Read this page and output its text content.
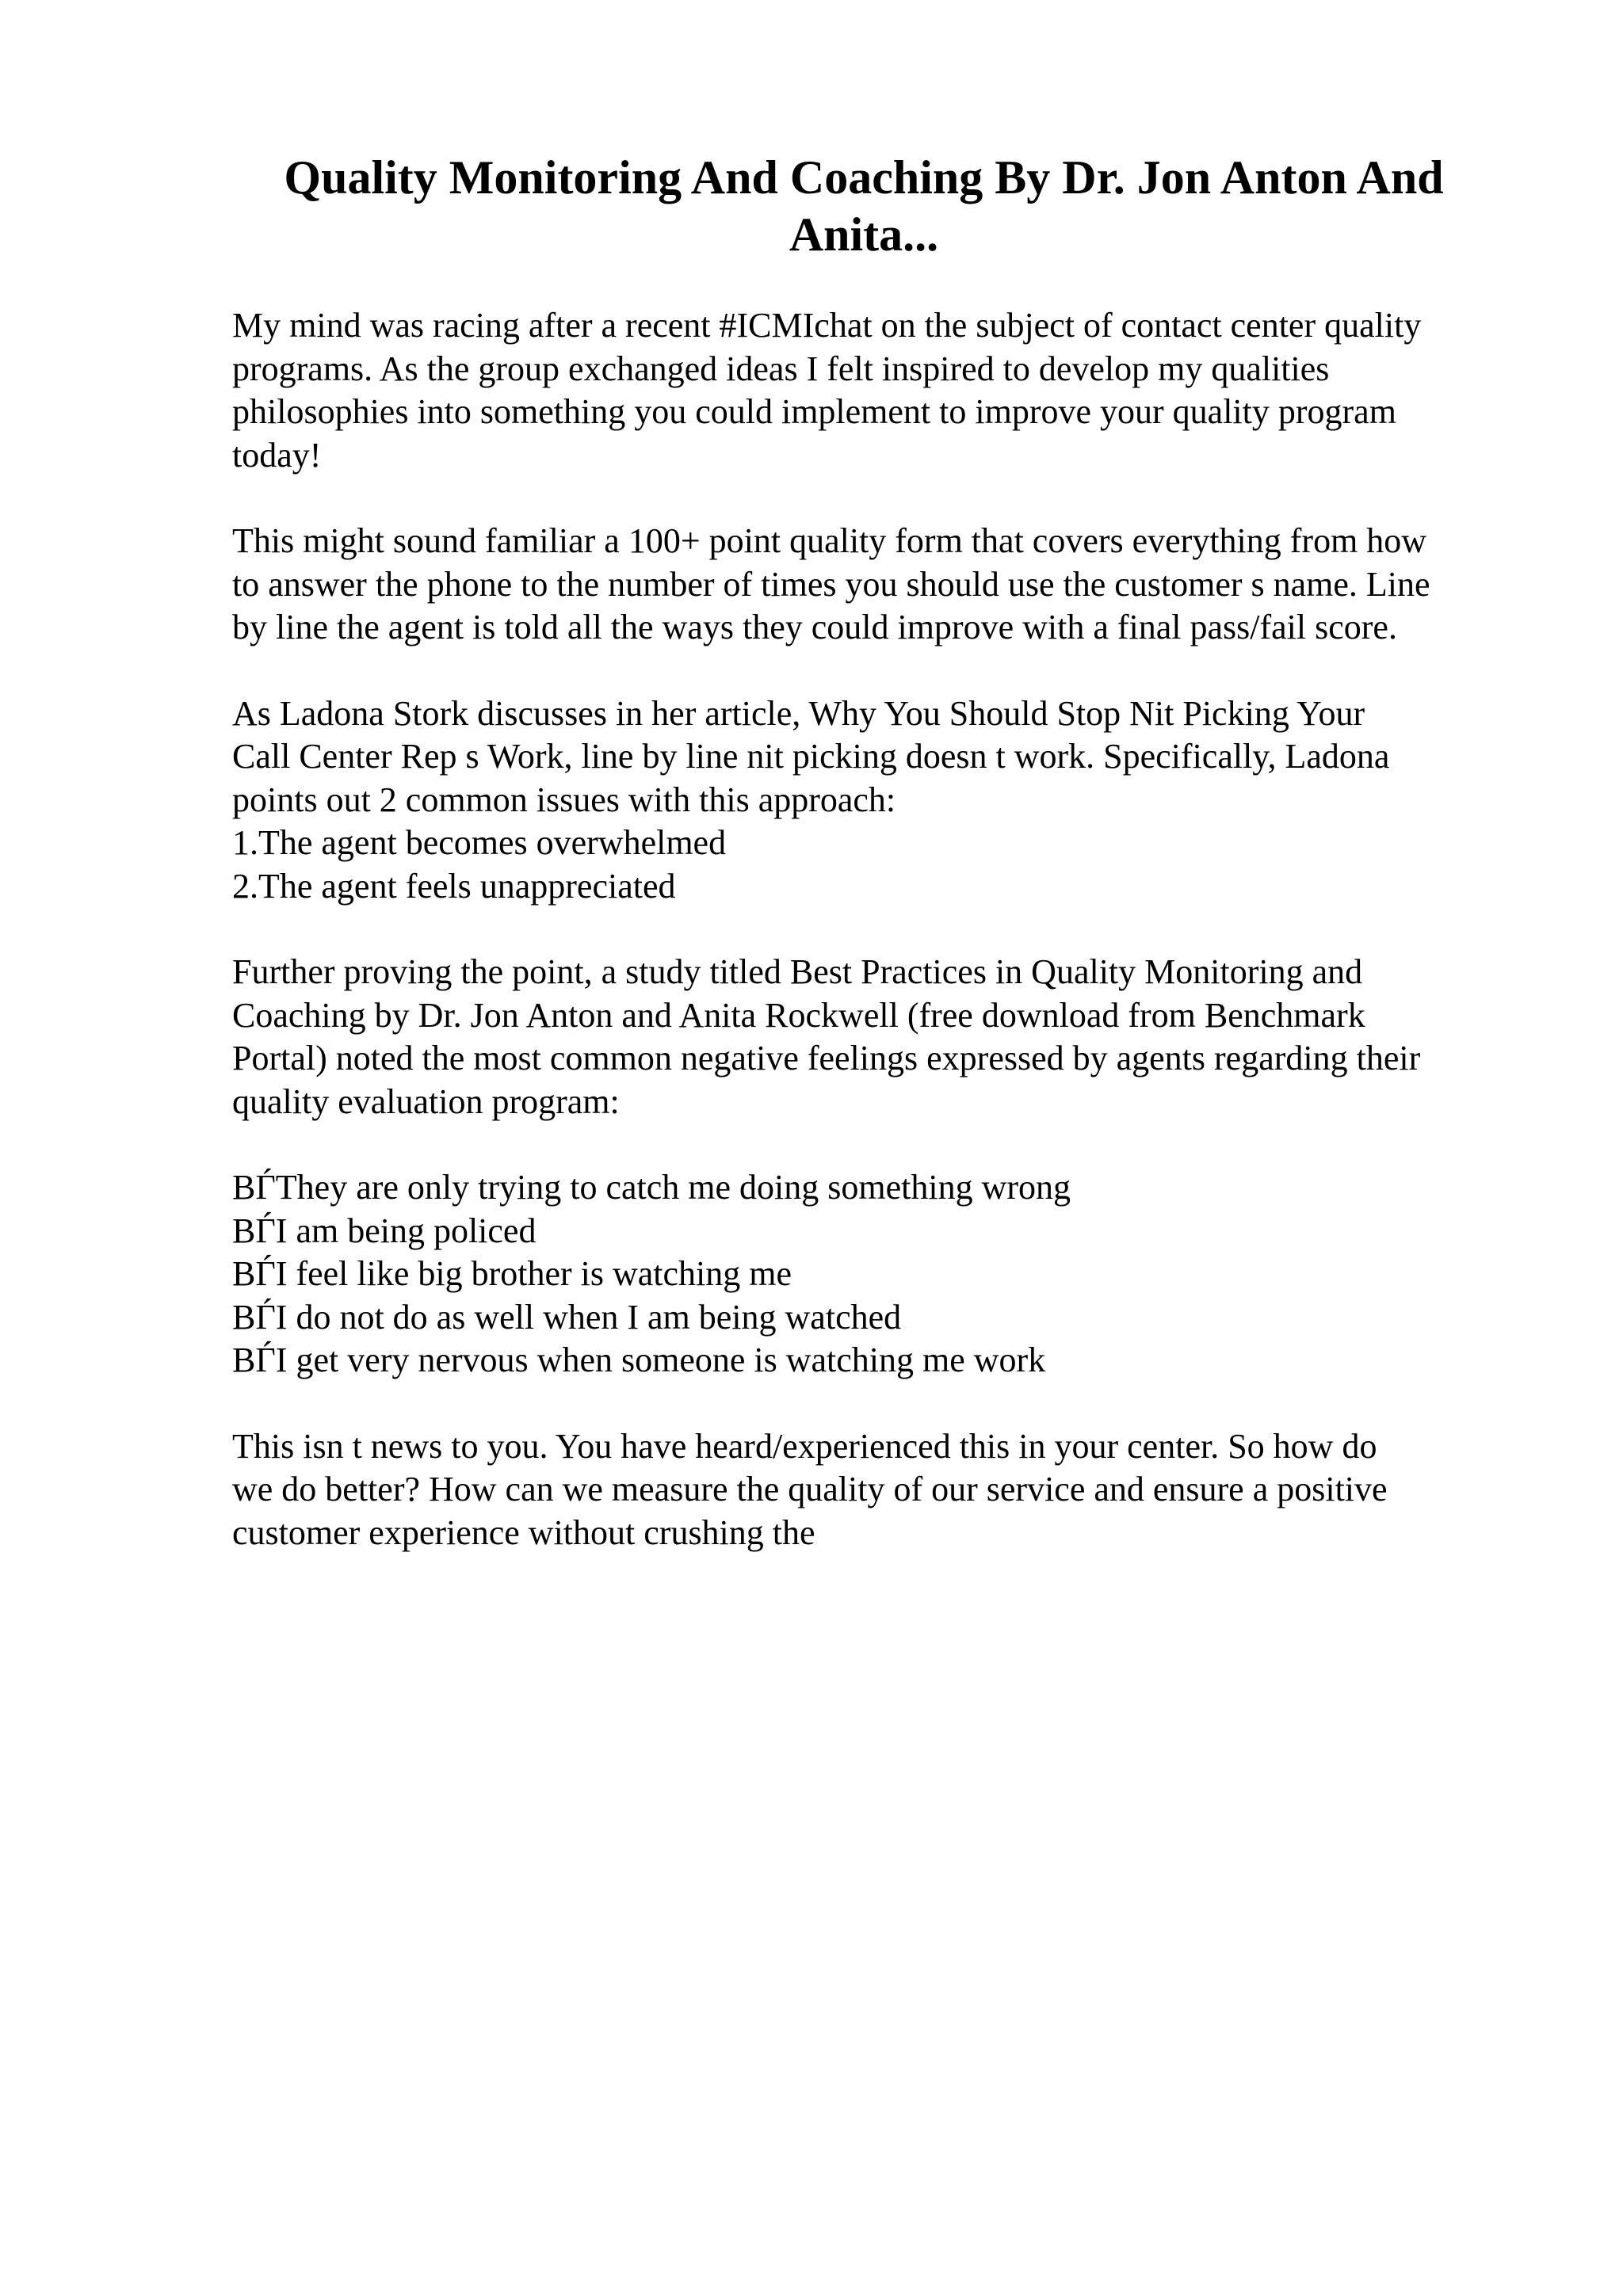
Quality Monitoring And Coaching By Dr. Jon Anton And
Anita...

My mind was racing after a recent #ICMIchat on the subject of contact center quality
programs. As the group exchanged ideas I felt inspired to develop my qualities
philosophies into something you could implement to improve your quality program
today!

This might sound familiar a 100+ point quality form that covers everything from how
to answer the phone to the number of times you should use the customer s name. Line
by line the agent is told all the ways they could improve with a final pass/fail score.

As Ladona Stork discusses in her article, Why You Should Stop Nit Picking Your
Call Center Rep s Work, line by line nit picking doesn t work. Specifically, Ladona
points out 2 common issues with this approach:
1.The agent becomes overwhelmed
2.The agent feels unappreciated

Further proving the point, a study titled Best Practices in Quality Monitoring and
Coaching by Dr. Jon Anton and Anita Rockwell (free download from Benchmark
Portal) noted the most common negative feelings expressed by agents regarding their
quality evaluation program:

BЃThey are only trying to catch me doing something wrong
BЃI am being policed
BЃI feel like big brother is watching me
BЃI do not do as well when I am being watched
BЃI get very nervous when someone is watching me work

This isn t news to you. You have heard/experienced this in your center. So how do
we do better? How can we measure the quality of our service and ensure a positive
customer experience without crushing the
